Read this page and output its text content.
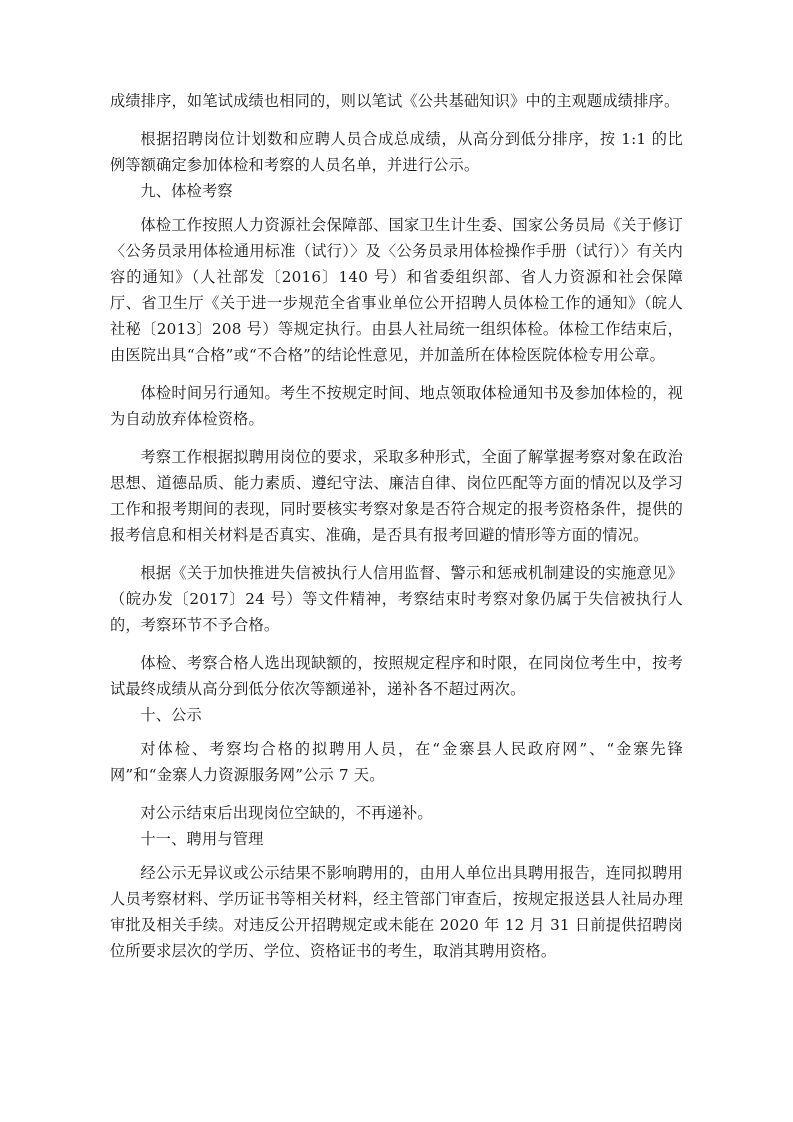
成绩排序，如笔试成绩也相同的，则以笔试《公共基础知识》中的主观题成绩排序。

根据招聘岗位计划数和应聘人员合成总成绩，从高分到低分排序，按 1:1 的比例等额确定参加体检和考察的人员名单，并进行公示。

九、体检考察

体检工作按照人力资源社会保障部、国家卫生计生委、国家公务员局《关于修订〈公务员录用体检通用标准（试行）〉及〈公务员录用体检操作手册（试行）〉有关内容的通知》（人社部发〔2016〕140 号）和省委组织部、省人力资源和社会保障厅、省卫生厅《关于进一步规范全省事业单位公开招聘人员体检工作的通知》（皖人社秘〔2013〕208 号）等规定执行。由县人社局统一组织体检。体检工作结束后，由医院出具“合格”或“不合格”的结论性意见，并加盖所在体检医院体检专用公章。

体检时间另行通知。考生不按规定时间、地点领取体检通知书及参加体检的，视为自动放弃体检资格。

考察工作根据拟聘用岗位的要求，采取多种形式，全面了解掌握考察对象在政治思想、道德品质、能力素质、遵纪守法、廉洁自律、岗位匹配等方面的情况以及学习工作和报考期间的表现，同时要核实考察对象是否符合规定的报考资格条件，提供的报考信息和相关材料是否真实、准确，是否具有报考回避的情形等方面的情况。

根据《关于加快推进失信被执行人信用监督、警示和惩戒机制建设的实施意见》（皖办发〔2017〕24 号）等文件精神，考察结束时考察对象仍属于失信被执行人的，考察环节不予合格。

体检、考察合格人选出现缺额的，按照规定程序和时限，在同岗位考生中，按考试最终成绩从高分到低分依次等额递补，递补各不超过两次。

十、公示

对体检、考察均合格的拟聘用人员，在“金寨县人民政府网”、“金寨先锋网”和“金寨人力资源服务网”公示 7 天。

对公示结束后出现岗位空缺的，不再递补。

十一、聘用与管理

经公示无异议或公示结果不影响聘用的，由用人单位出具聘用报告，连同拟聘用人员考察材料、学历证书等相关材料，经主管部门审查后，按规定报送县人社局办理审批及相关手续。对违反公开招聘规定或未能在 2020 年 12 月 31 日前提供招聘岗位所要求层次的学历、学位、资格证书的考生，取消其聘用资格。
